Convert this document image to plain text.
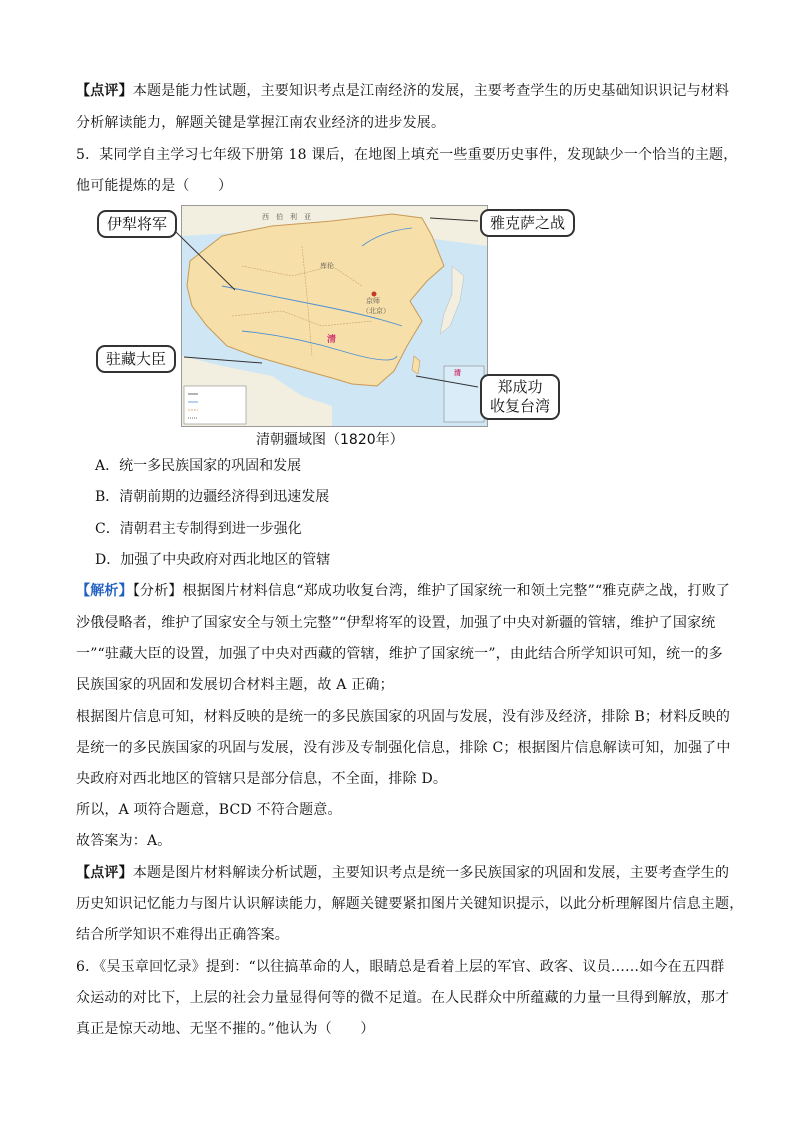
【点评】本题是能力性试题，主要知识考点是江南经济的发展，主要考查学生的历史基础知识识记与材料

分析解读能力，解题关键是掌握江南农业经济的进步发展。

5．某同学自主学习七年级下册第 18 课后，在地图上填充一些重要历史事件，发现缺少一个恰当的主题，

他可能提炼的是（　　）

西　伯　利　亚
库伦
京师
（北京）
清
清
伊犁将军	雅克萨之战
驻藏大臣
郑成功
收复台湾
清朝疆域图（1820年）
A．统一多民族国家的巩固和发展
B．清朝前期的边疆经济得到迅速发展
C．清朝君主专制得到进一步强化
D．加强了中央政府对西北地区的管辖

【解析】【分析】根据图片材料信息“郑成功收复台湾，维护了国家统一和领土完整”“雅克萨之战，打败了

沙俄侵略者，维护了国家安全与领土完整”“伊犁将军的设置，加强了中央对新疆的管辖，维护了国家统

一”“驻藏大臣的设置，加强了中央对西藏的管辖，维护了国家统一”，由此结合所学知识可知，统一的多

民族国家的巩固和发展切合材料主题，故 A 正确；

根据图片信息可知，材料反映的是统一的多民族国家的巩固与发展，没有涉及经济，排除 B；材料反映的

是统一的多民族国家的巩固与发展，没有涉及专制强化信息，排除 C；根据图片信息解读可知，加强了中

央政府对西北地区的管辖只是部分信息，不全面，排除 D。

所以，A 项符合题意，BCD 不符合题意。

故答案为：A。

【点评】本题是图片材料解读分析试题，主要知识考点是统一多民族国家的巩固和发展，主要考查学生的

历史知识记忆能力与图片认识解读能力，解题关键要紧扣图片关键知识提示，以此分析理解图片信息主题，

结合所学知识不难得出正确答案。

6．《吴玉章回忆录》提到：“以往搞革命的人，眼睛总是看着上层的军官、政客、议员……如今在五四群

众运动的对比下，上层的社会力量显得何等的微不足道。在人民群众中所蕴藏的力量一旦得到解放，那才

真正是惊天动地、无坚不摧的。”他认为（　　）
